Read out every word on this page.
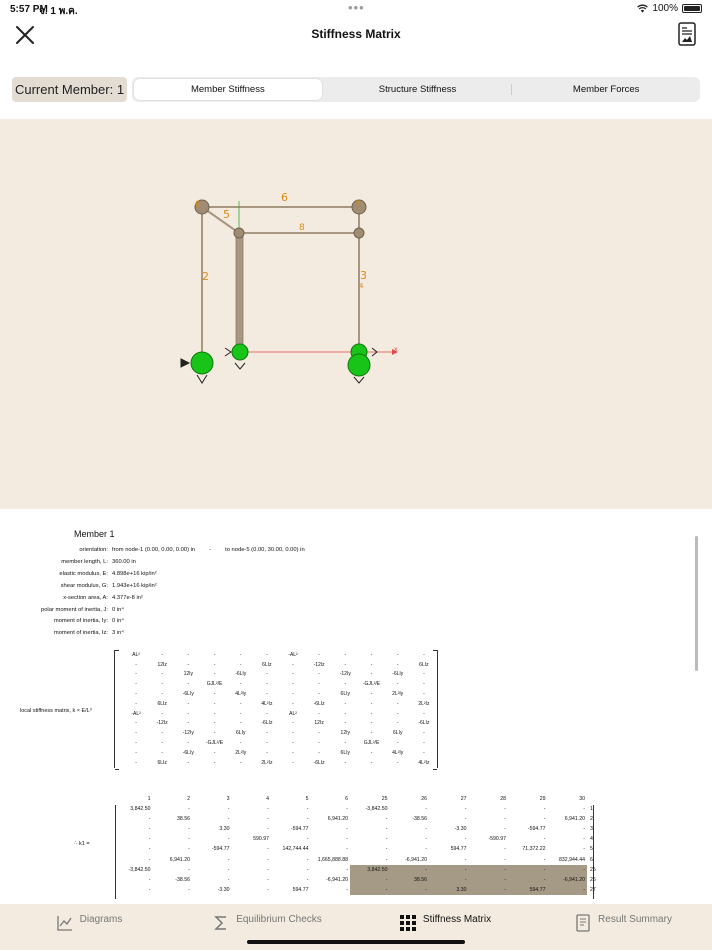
5:57 PM
จ. 1 พ.ค.	•••	100%
Stiffness Matrix
Current Member: 1	Member Stiffness	Structure Stiffness	Member Forces
x
6
5
8
2	3
4
6	7
Member 1
orientation: from node-1 (0.00, 0.00, 0.00) in - to node-5 (0.00, 30.00, 0.00) in
member length, L: 360.00 in
elastic modulus, E: 4.898e+16 kip/in²
shear modulus, G: 1.943e+16 kip/in²
x-section area, A: 4.377e-8 in²
polar moment of inertia, J: 0 in⁴
moment of inertia, Iy: 0 in⁴
moment of inertia, Iz: 3 in⁴
local stiffness matrix, k × E/L³
AL²	-	-	-	-	-	-AL²	-	-	-	-	-
-	12Iz	-	-	-	6LIz	-	-12Iz	-	-	-	6LIz
-	-	12Iy	-	-6LIy	-	-	-	-12Iy	-	-6LIy	-
-	-	-	GJL²/E	-	-	-	-	-	-GJL²/E	-	-
-	-	-6LIy	-	4L²Iy	-	-	-	6LIy	-	2L²Iy	-
-	6LIz	-	-	-	4L²Iz	-	-6LIz	-	-	-	2L²Iz
-AL²	-	-	-	-	-	AL²	-	-	-	-	-
-	-12Iz	-	-	-	-6LIz	-	12Iz	-	-	-	-6LIz
-	-	-12Iy	-	6LIy	-	-	-	12Iy	-	6LIy	-
-	-	-	-GJL²/E	-	-	-	-	-	GJL²/E	-	-
-	-	-6LIy	-	2L²Iy	-	-	-	6LIy	-	4L²Iy	-
-	6LIz	-	-	-	2L²Iz	-	-6LIz	-	-	-	4L²Iz
∴ k1 =
1	2	3	4	5	6	25	26	27	28	29	30	
3,842.50	-	-	-	-	-	-3,842.50	-	-	-	-	-	1
-	38.56	-	-	-	6,941.20	-	-38.56	-	-	-	6,941.20	2
-	-	3.30	-	-594.77	-	-	-	-3.30	-	-594.77	-	3
-	-	-	590.97	-	-	-	-	-	-590.97	-	-	4
-	-	-594.77	-	142,744.44	-	-	-	594.77	-	71,372.22	-	5
-	6,941.20	-	-	-	1,665,888.88	-	-6,941.20	-	-	-	832,944.44	6
-3,842.50	-	-	-	-	-	3,842.50	-	-	-	-	-	25
-	-38.56	-	-	-	-6,941.20	-	38.56	-	-	-	-6,941.20	26
-	-	-3.30	-	594.77	-	-	-	3.30	-	594.77	-	27
Diagrams	Equilibrium Checks	Stiffness Matrix	Result Summary
